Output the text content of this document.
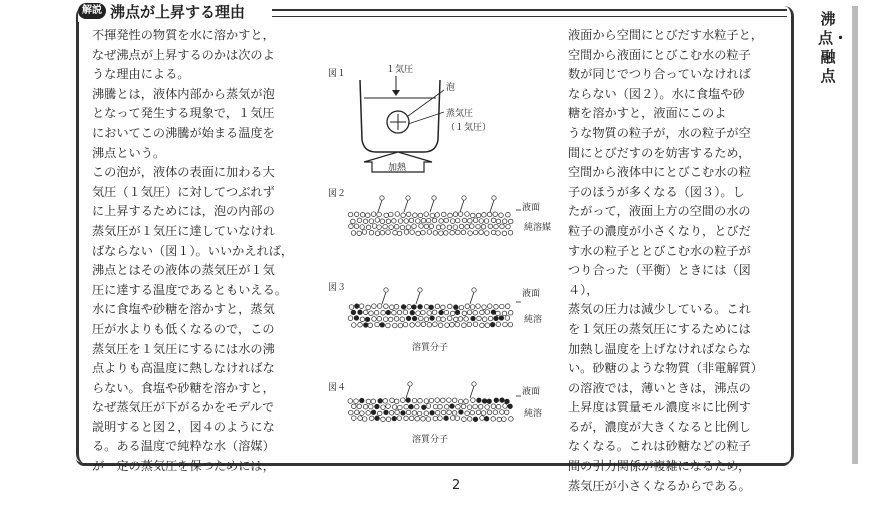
解説 沸点が上昇する理由

不揮発性の物質を水に溶かすと，

なぜ沸点が上昇するのかは次のよ

うな理由による。

沸騰とは，液体内部から蒸気が泡

となって発生する現象で，１気圧

においてこの沸騰が始まる温度を

沸点という。

この泡が，液体の表面に加わる大

気圧（１気圧）に対してつぶれず

に上昇するためには，泡の内部の

蒸気圧が１気圧に達していなけれ

ばならない（図１）。いいかえれば，

沸点とはその液体の蒸気圧が１気

圧に達する温度であるともいえる。

水に食塩や砂糖を溶かすと，蒸気

圧が水よりも低くなるので，この

蒸気圧を１気圧にするには水の沸

点よりも高温度に熱しなければな

らない。食塩や砂糖を溶かすと，

なぜ蒸気圧が下がるかをモデルで

説明すると図２，図４のようにな

る。ある温度で純粋な水（溶媒）

が一定の蒸気圧を保つためには，

液面から空間にとびだす水粒子と，

空間から液面にとびこむ水の粒子

数が同じでつり合っていなければ

ならない（図２）。水に食塩や砂

糖を溶かすと，液面にこのよ

うな物質の粒子が，水の粒子が空

間にとびだすのを妨害するため，

空間から液体中にとびこむ水の粒

子のほうが多くなる（図３）。し

たがって，液面上方の空間の水の

粒子の濃度が小さくなり，とびだ

す水の粒子ととびこむ水の粒子が

つり合った（平衡）ときには（図４），

蒸気の圧力は減少している。これ

を１気圧の蒸気圧にするためには

加熱し温度を上げなければならな

い。砂糖のような物質（非電解質）

の溶液では，薄いときは，沸点の

上昇度は質量モル濃度＊に比例す

るが，濃度が大きくなると比例し

なくなる。これは砂糖などの粒子

間の引力関係が複雑になるため，

蒸気圧が小さくなるからである。

図１	１気圧
泡
蒸気圧
（１気圧）
加熱
図２
液面
純溶媒
図３
液面
純溶
溶質分子
図４	液面
純溶
溶質分子
沸点・融点
2
